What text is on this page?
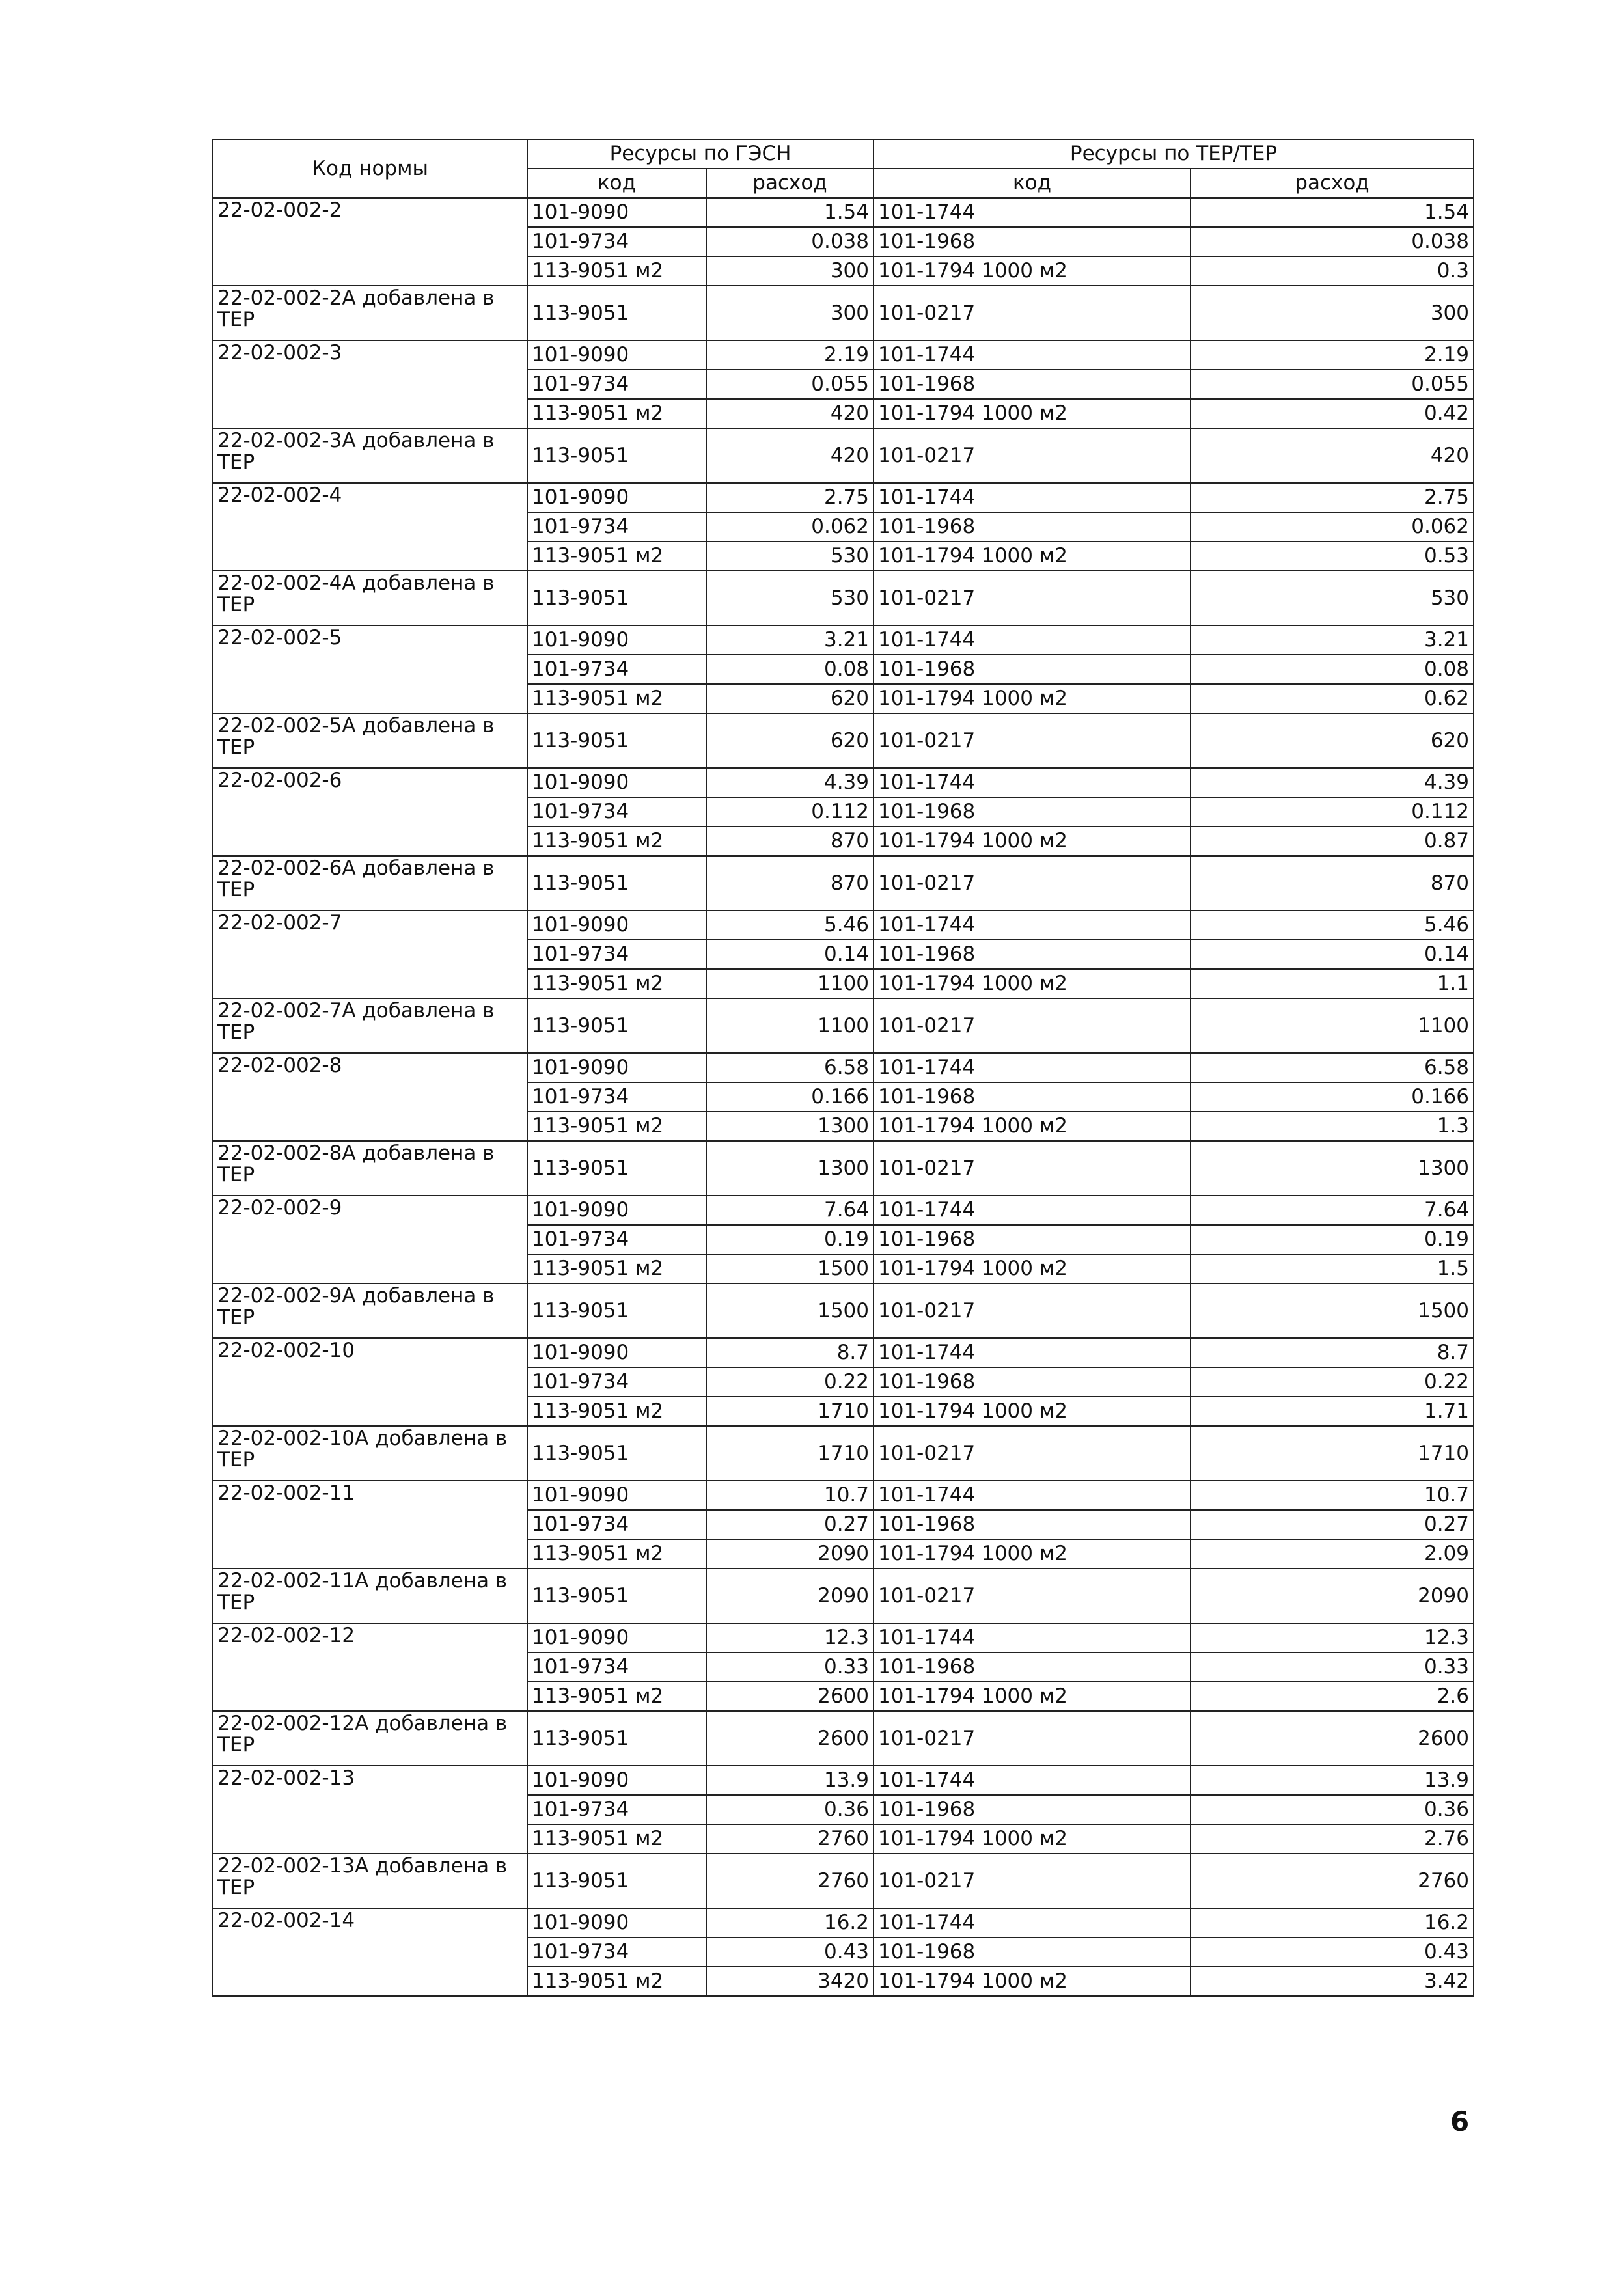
Код нормы	Ресурсы по ГЭСН		Ресурсы по ТЕР/ТЕР	
	код	расход	код	расход
22-02-002-2	101-9090	1.54	101-1744	1.54
	101-9734	0.038	101-1968	0.038
	113-9051 м2	300	101-1794 1000 м2	0.3
22-02-002-2А добавлена в ТЕР	113-9051	300	101-0217	300
22-02-002-3	101-9090	2.19	101-1744	2.19
	101-9734	0.055	101-1968	0.055
	113-9051 м2	420	101-1794 1000 м2	0.42
22-02-002-3А добавлена в ТЕР	113-9051	420	101-0217	420
22-02-002-4	101-9090	2.75	101-1744	2.75
	101-9734	0.062	101-1968	0.062
	113-9051 м2	530	101-1794 1000 м2	0.53
22-02-002-4А добавлена в ТЕР	113-9051	530	101-0217	530
22-02-002-5	101-9090	3.21	101-1744	3.21
	101-9734	0.08	101-1968	0.08
	113-9051 м2	620	101-1794 1000 м2	0.62
22-02-002-5А добавлена в ТЕР	113-9051	620	101-0217	620
22-02-002-6	101-9090	4.39	101-1744	4.39
	101-9734	0.112	101-1968	0.112
	113-9051 м2	870	101-1794 1000 м2	0.87
22-02-002-6А добавлена в ТЕР	113-9051	870	101-0217	870
22-02-002-7	101-9090	5.46	101-1744	5.46
	101-9734	0.14	101-1968	0.14
	113-9051 м2	1100	101-1794 1000 м2	1.1
22-02-002-7А добавлена в ТЕР	113-9051	1100	101-0217	1100
22-02-002-8	101-9090	6.58	101-1744	6.58
	101-9734	0.166	101-1968	0.166
	113-9051 м2	1300	101-1794 1000 м2	1.3
22-02-002-8А добавлена в ТЕР	113-9051	1300	101-0217	1300
22-02-002-9	101-9090	7.64	101-1744	7.64
	101-9734	0.19	101-1968	0.19
	113-9051 м2	1500	101-1794 1000 м2	1.5
22-02-002-9А добавлена в ТЕР	113-9051	1500	101-0217	1500
22-02-002-10	101-9090	8.7	101-1744	8.7
	101-9734	0.22	101-1968	0.22
	113-9051 м2	1710	101-1794 1000 м2	1.71
22-02-002-10А добавлена в ТЕР	113-9051	1710	101-0217	1710
22-02-002-11	101-9090	10.7	101-1744	10.7
	101-9734	0.27	101-1968	0.27
	113-9051 м2	2090	101-1794 1000 м2	2.09
22-02-002-11А добавлена в ТЕР	113-9051	2090	101-0217	2090
22-02-002-12	101-9090	12.3	101-1744	12.3
	101-9734	0.33	101-1968	0.33
	113-9051 м2	2600	101-1794 1000 м2	2.6
22-02-002-12А добавлена в ТЕР	113-9051	2600	101-0217	2600
22-02-002-13	101-9090	13.9	101-1744	13.9
	101-9734	0.36	101-1968	0.36
	113-9051 м2	2760	101-1794 1000 м2	2.76
22-02-002-13А добавлена в ТЕР	113-9051	2760	101-0217	2760
22-02-002-14	101-9090	16.2	101-1744	16.2
	101-9734	0.43	101-1968	0.43
	113-9051 м2	3420	101-1794 1000 м2	3.42
6
